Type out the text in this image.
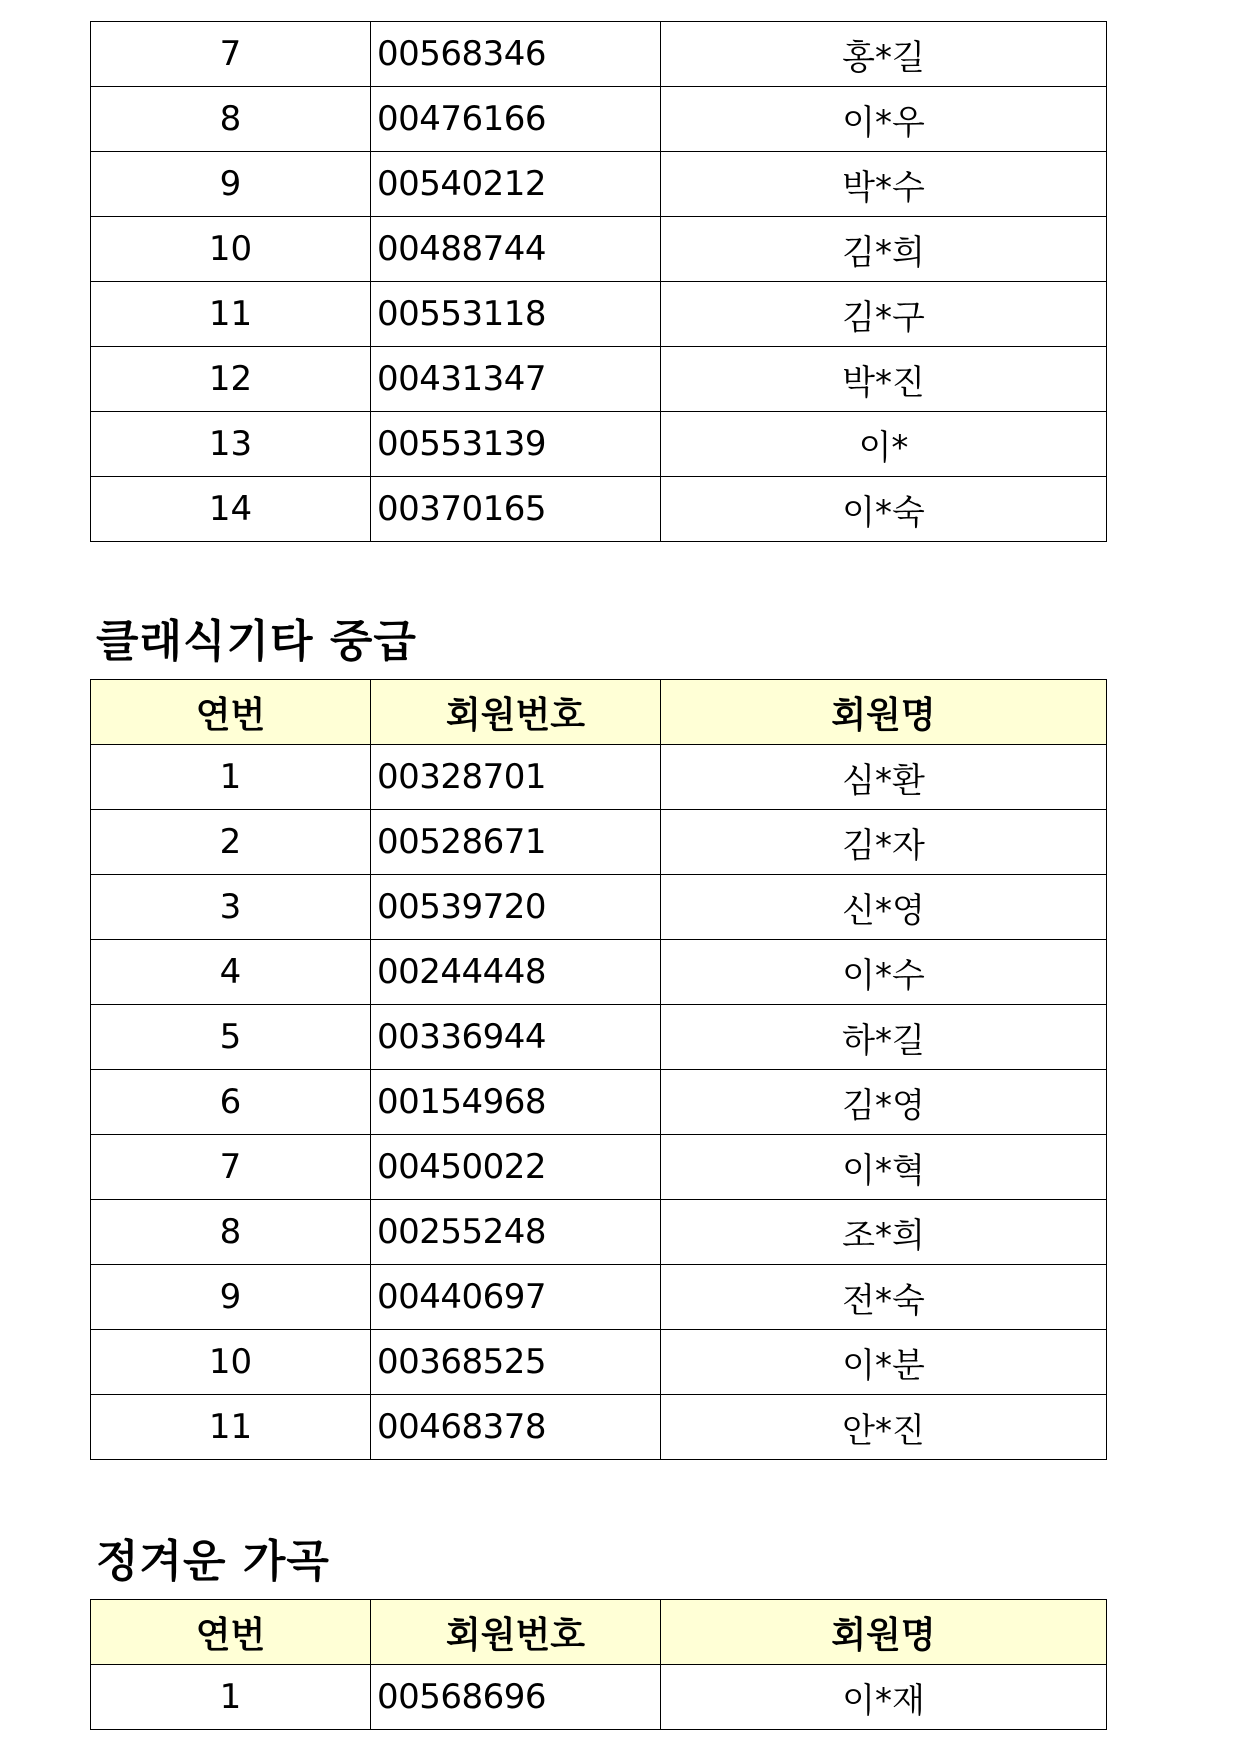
7	00568346	홍*길
8	00476166	이*우
9	00540212	박*수
10	00488744	김*희
11	00553118	김*구
12	00431347	박*진
13	00553139	이*
14	00370165	이*숙
클래식기타 중급
연번	회원번호	회원명
1	00328701	심*환
2	00528671	김*자
3	00539720	신*영
4	00244448	이*수
5	00336944	하*길
6	00154968	김*영
7	00450022	이*혁
8	00255248	조*희
9	00440697	전*숙
10	00368525	이*분
11	00468378	안*진
정겨운 가곡
연번	회원번호	회원명
1	00568696	이*재
